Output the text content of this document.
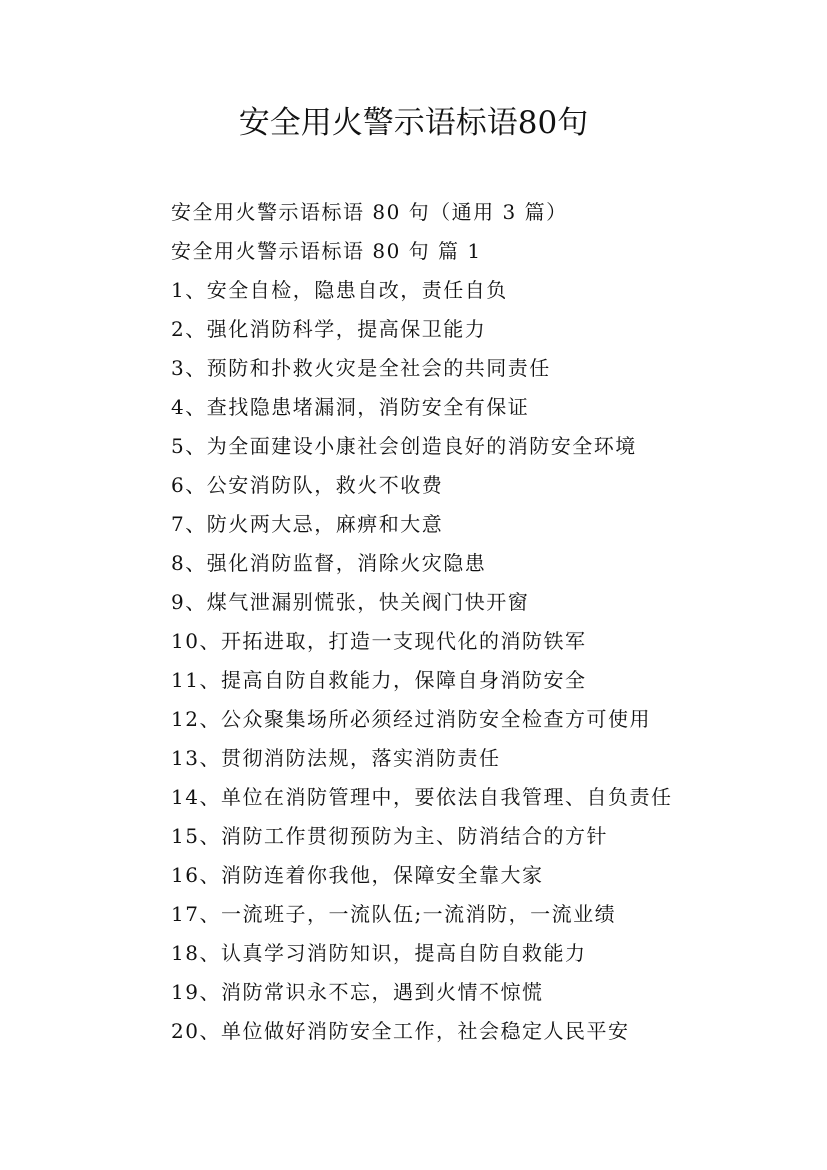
安全用火警示语标语80句
安全用火警示语标语 80 句（通用 3 篇）
安全用火警示语标语 80 句 篇 1
1、安全自检，隐患自改，责任自负
2、强化消防科学，提高保卫能力
3、预防和扑救火灾是全社会的共同责任
4、查找隐患堵漏洞，消防安全有保证
5、为全面建设小康社会创造良好的消防安全环境
6、公安消防队，救火不收费
7、防火两大忌，麻痹和大意
8、强化消防监督，消除火灾隐患
9、煤气泄漏别慌张，快关阀门快开窗
10、开拓进取，打造一支现代化的消防铁军
11、提高自防自救能力，保障自身消防安全
12、公众聚集场所必须经过消防安全检查方可使用
13、贯彻消防法规，落实消防责任
14、单位在消防管理中，要依法自我管理、自负责任
15、消防工作贯彻预防为主、防消结合的方针
16、消防连着你我他，保障安全靠大家
17、一流班子，一流队伍;一流消防，一流业绩
18、认真学习消防知识，提高自防自救能力
19、消防常识永不忘，遇到火情不惊慌
20、单位做好消防安全工作，社会稳定人民平安
